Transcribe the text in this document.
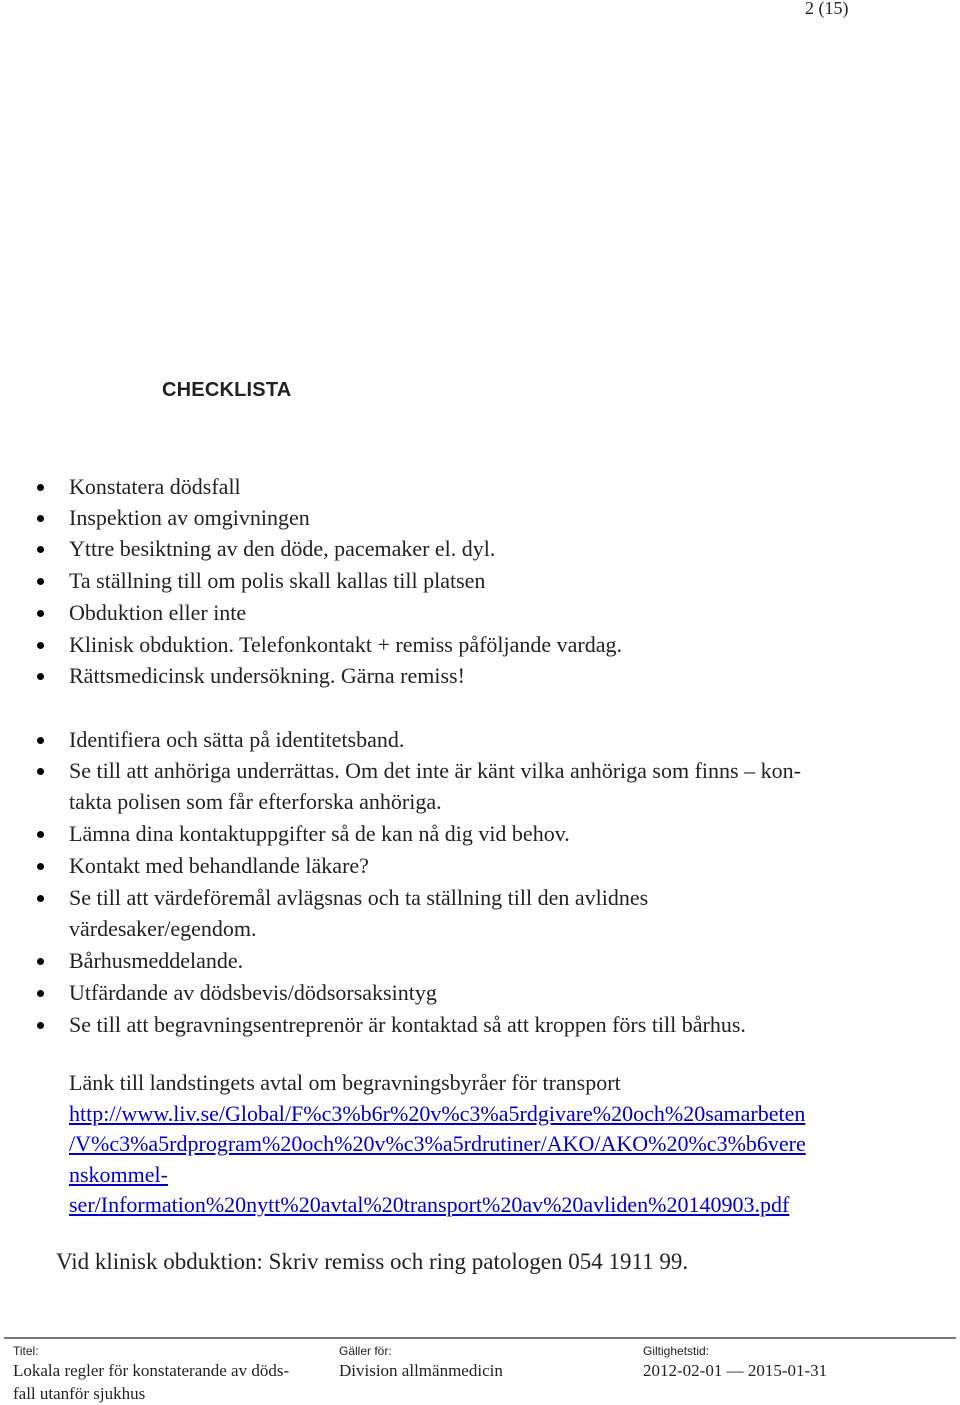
2 (15)
CHECKLISTA
Konstatera dödsfall
Inspektion av omgivningen
Yttre besiktning av den döde, pacemaker el. dyl.
Ta ställning till om polis skall kallas till platsen
Obduktion eller inte
Klinisk obduktion. Telefonkontakt + remiss påföljande vardag.
Rättsmedicinsk undersökning. Gärna remiss!
Identifiera och sätta på identitetsband.
Se till att anhöriga underrättas. Om det inte är känt vilka anhöriga som finns – kon-
takta polisen som får efterforska anhöriga.
Lämna dina kontaktuppgifter så de kan nå dig vid behov.
Kontakt med behandlande läkare?
Se till att värdeföremål avlägsnas och ta ställning till den avlidnes
värdesaker/egendom.
Bårhusmeddelande.
Utfärdande av dödsbevis/dödsorsaksintyg
Se till att begravningsentreprenör är kontaktad så att kroppen förs till bårhus.
Länk till landstingets avtal om begravningsbyråer för transport
http://www.liv.se/Global/F%c3%b6r%20v%c3%a5rdgivare%20och%20samarbeten
/V%c3%a5rdprogram%20och%20v%c3%a5rdrutiner/AKO/AKO%20%c3%b6vere
nskommel-
ser/Information%20nytt%20avtal%20transport%20av%20avliden%20140903.pdf
Vid klinisk obduktion: Skriv remiss och ring patologen 054 1911 99.
Titel:
Lokala regler för konstaterande av döds-
fall utanför sjukhus
Gäller för:
Division allmänmedicin
Giltighetstid:
2012-02-01 — 2015-01-31
